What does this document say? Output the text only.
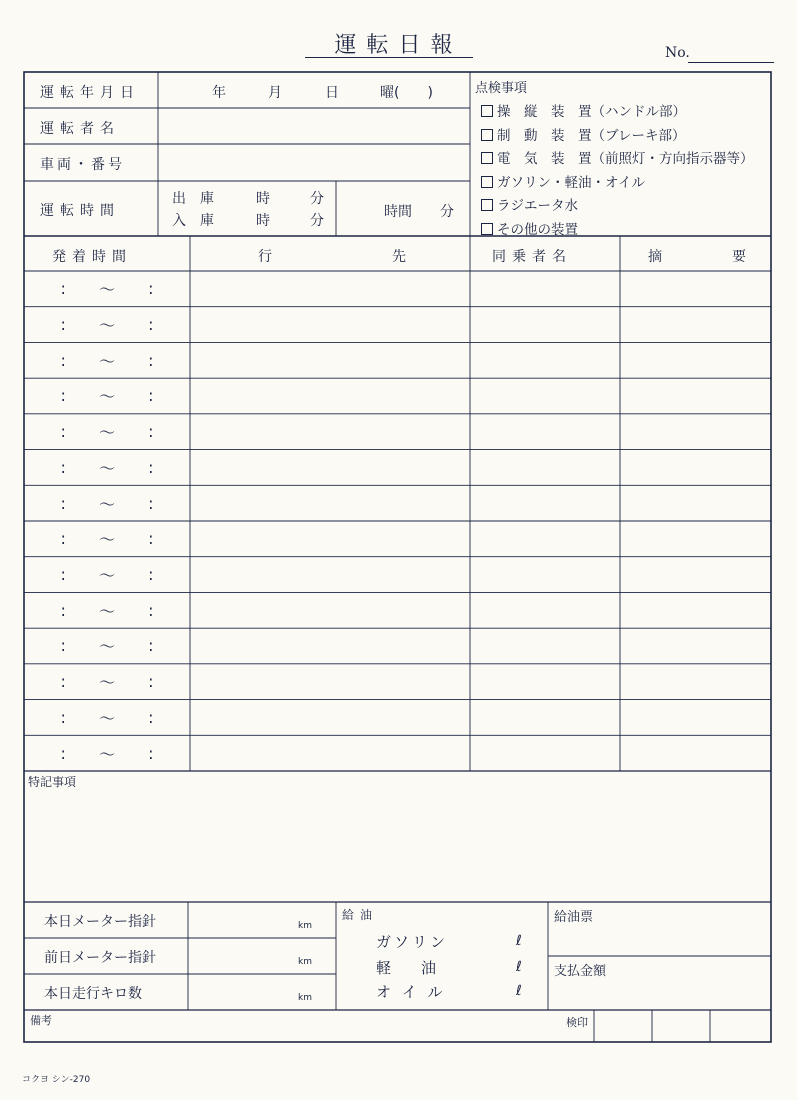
運転日報	No.
運転年月日	年	月	日	曜(　　)
運転者名
車両・番号
運転時間
出　庫	時	分
入　庫	時	分
時間　　分
点検事項
操　縦　装　置（ハンドル部）
制　動　装　置（ブレーキ部）
電　気　装　置（前照灯・方向指示器等）
ガソリン・軽油・オイル
ラジエータ水
その他の装置
発着時間	行	先	同乗者名	摘	要
: 〜 :
: 〜 :
: 〜 :
: 〜 :
: 〜 :
: 〜 :
: 〜 :
: 〜 :
: 〜 :
: 〜 :
: 〜 :
: 〜 :
: 〜 :
: 〜 :
特記事項
本日メーター指針	km
前日メーター指針	km
本日走行キロ数	km
給油
ガソリン	ℓ
軽　　油	ℓ
オ イ ル	ℓ
給油票
支払金額
備考	検印
コクヨ シン-270
